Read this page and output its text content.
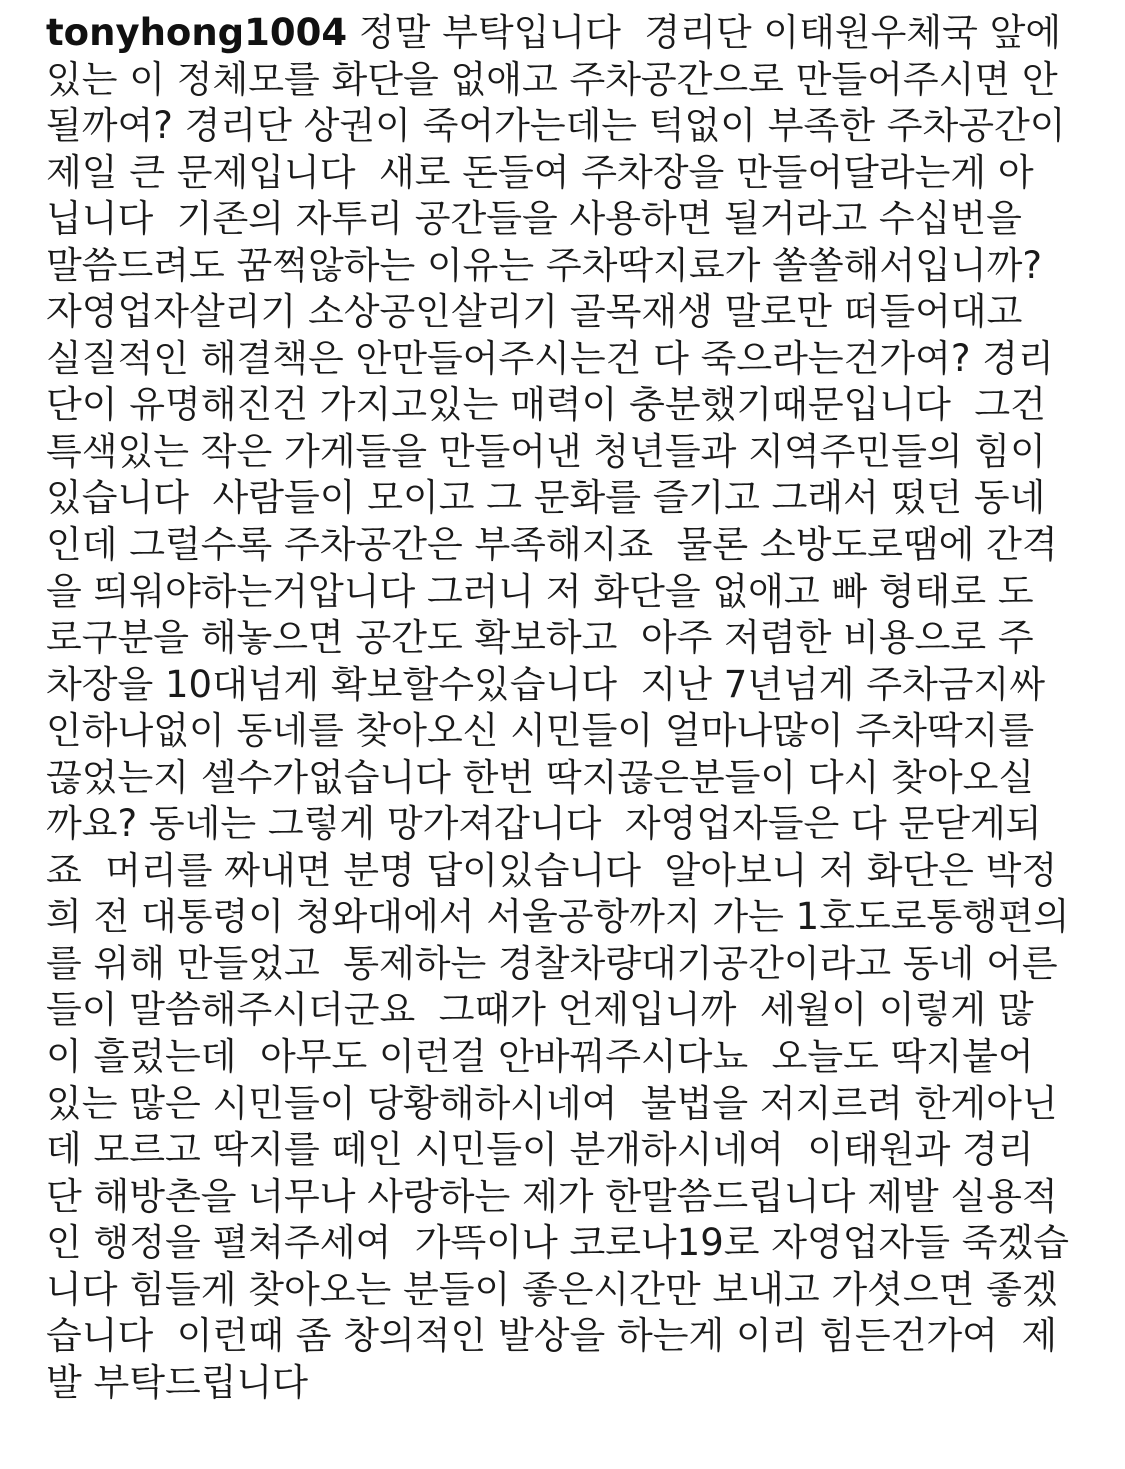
tonyhong1004 정말 부탁입니다  경리단 이태원우체국 앞에
있는 이 정체모를 화단을 없애고 주차공간으로 만들어주시면 안
될까여? 경리단 상권이 죽어가는데는 턱없이 부족한 주차공간이
제일 큰 문제입니다  새로 돈들여 주차장을 만들어달라는게 아
닙니다  기존의 자투리 공간들을 사용하면 될거라고 수십번을
말씀드려도 꿈쩍않하는 이유는 주차딱지료가 쏠쏠해서입니까?
자영업자살리기 소상공인살리기 골목재생 말로만 떠들어대고
실질적인 해결책은 안만들어주시는건 다 죽으라는건가여? 경리
단이 유명해진건 가지고있는 매력이 충분했기때문입니다  그건
특색있는 작은 가게들을 만들어낸 청년들과 지역주민들의 힘이
있습니다  사람들이 모이고 그 문화를 즐기고 그래서 떴던 동네
인데 그럴수록 주차공간은 부족해지죠  물론 소방도로땜에 간격
을 띄워야하는거압니다 그러니 저 화단을 없애고 빠 형태로 도
로구분을 해놓으면 공간도 확보하고  아주 저렴한 비용으로 주
차장을 10대넘게 확보할수있습니다  지난 7년넘게 주차금지싸
인하나없이 동네를 찾아오신 시민들이 얼마나많이 주차딱지를
끊었는지 셀수가없습니다 한번 딱지끊은분들이 다시 찾아오실
까요? 동네는 그렇게 망가져갑니다  자영업자들은 다 문닫게되
죠  머리를 짜내면 분명 답이있습니다  알아보니 저 화단은 박정
희 전 대통령이 청와대에서 서울공항까지 가는 1호도로통행편의
를 위해 만들었고  통제하는 경찰차량대기공간이라고 동네 어른
들이 말씀해주시더군요  그때가 언제입니까  세월이 이렇게 많
이 흘렀는데  아무도 이런걸 안바꿔주시다뇨  오늘도 딱지붙어
있는 많은 시민들이 당황해하시네여  불법을 저지르려 한게아닌
데 모르고 딱지를 떼인 시민들이 분개하시네여  이태원과 경리
단 해방촌을 너무나 사랑하는 제가 한말씀드립니다 제발 실용적
인 행정을 펼쳐주세여  가뜩이나 코로나19로 자영업자들 죽겠습
니다 힘들게 찾아오는 분들이 좋은시간만 보내고 가셧으면 좋겠
습니다  이런때 좀 창의적인 발상을 하는게 이리 힘든건가여  제
발 부탁드립니다
